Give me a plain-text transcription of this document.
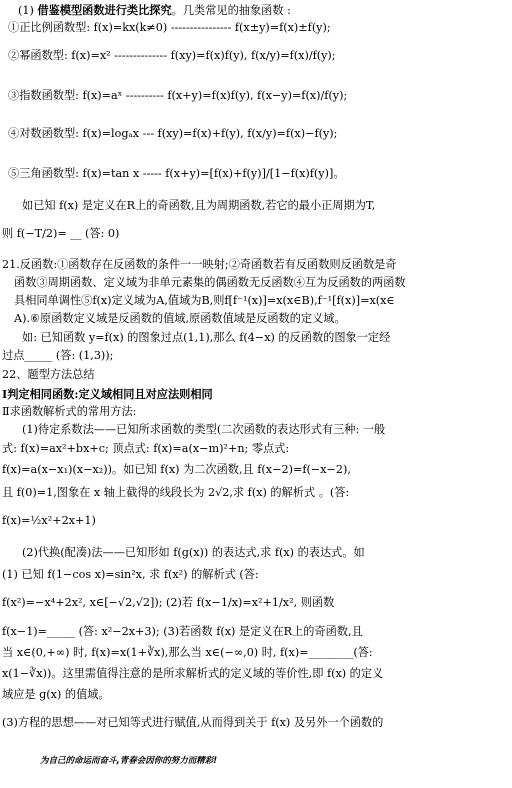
(1) 借鉴模型函数进行类比探究。几类常见的抽象函数 :
①正比例函数型: f(x)=kx(k≠0) ---------------- f(x±y)=f(x)±f(y);
②幂函数型: f(x)=x² -------------- f(xy)=f(x)f(y), f(x/y)=f(x)/f(y);
③指数函数型: f(x)=aˣ ---------- f(x+y)=f(x)f(y), f(x−y)=f(x)/f(y);
④对数函数型: f(x)=logₐx --- f(xy)=f(x)+f(y), f(x/y)=f(x)−f(y);
⑤三角函数型: f(x)=tan x ----- f(x+y)=[f(x)+f(y)]/[1−f(x)f(y)]。
如已知 f(x) 是定义在R上的奇函数,且为周期函数,若它的最小正周期为T,
则 f(−T/2)= __ (答: 0)
21.反函数:①函数存在反函数的条件一一映射;②奇函数若有反函数则反函数是奇
函数③周期函数、定义域为非单元素集的偶函数无反函数④互为反函数的两函数
具相同单调性⑤f(x)定义域为A,值域为B,则f[f⁻¹(x)]=x(x∈B),f⁻¹[f(x)]=x(x∈
A).⑥原函数定义域是反函数的值域,原函数值域是反函数的定义域。
如: 已知函数 y=f(x) 的图象过点(1,1),那么 f(4−x) 的反函数的图象一定经
过点_____ (答: (1,3));
22、题型方法总结
Ⅰ判定相同函数:定义域相同且对应法则相同
Ⅱ求函数解析式的常用方法:
(1)待定系数法——已知所求函数的类型(二次函数的表达形式有三种: 一般
式: f(x)=ax²+bx+c; 顶点式: f(x)=a(x−m)²+n; 零点式:
f(x)=a(x−x₁)(x−x₂))。如已知 f(x) 为二次函数,且 f(x−2)=f(−x−2),
且 f(0)=1,图象在 x 轴上截得的线段长为 2√2,求 f(x) 的解析式 。(答:
f(x)=½x²+2x+1)
(2)代换(配凑)法——已知形如 f(g(x)) 的表达式,求 f(x) 的表达式。如
(1) 已知 f(1−cos x)=sin²x, 求 f(x²) 的解析式 (答:
f(x²)=−x⁴+2x², x∈[−√2,√2]); (2)若 f(x−1/x)=x²+1/x², 则函数
f(x−1)=_____ (答: x²−2x+3); (3)若函数 f(x) 是定义在R上的奇函数,且
当 x∈(0,+∞) 时, f(x)=x(1+∛x),那么当 x∈(−∞,0) 时, f(x)=________(答:
x(1−∛x))。这里需值得注意的是所求解析式的定义域的等价性,即 f(x) 的定义
域应是 g(x) 的值域。
(3)方程的思想——对已知等式进行赋值,从而得到关于 f(x) 及另外一个函数的
为自己的命运而奋斗,青春会因你的努力而精彩!
